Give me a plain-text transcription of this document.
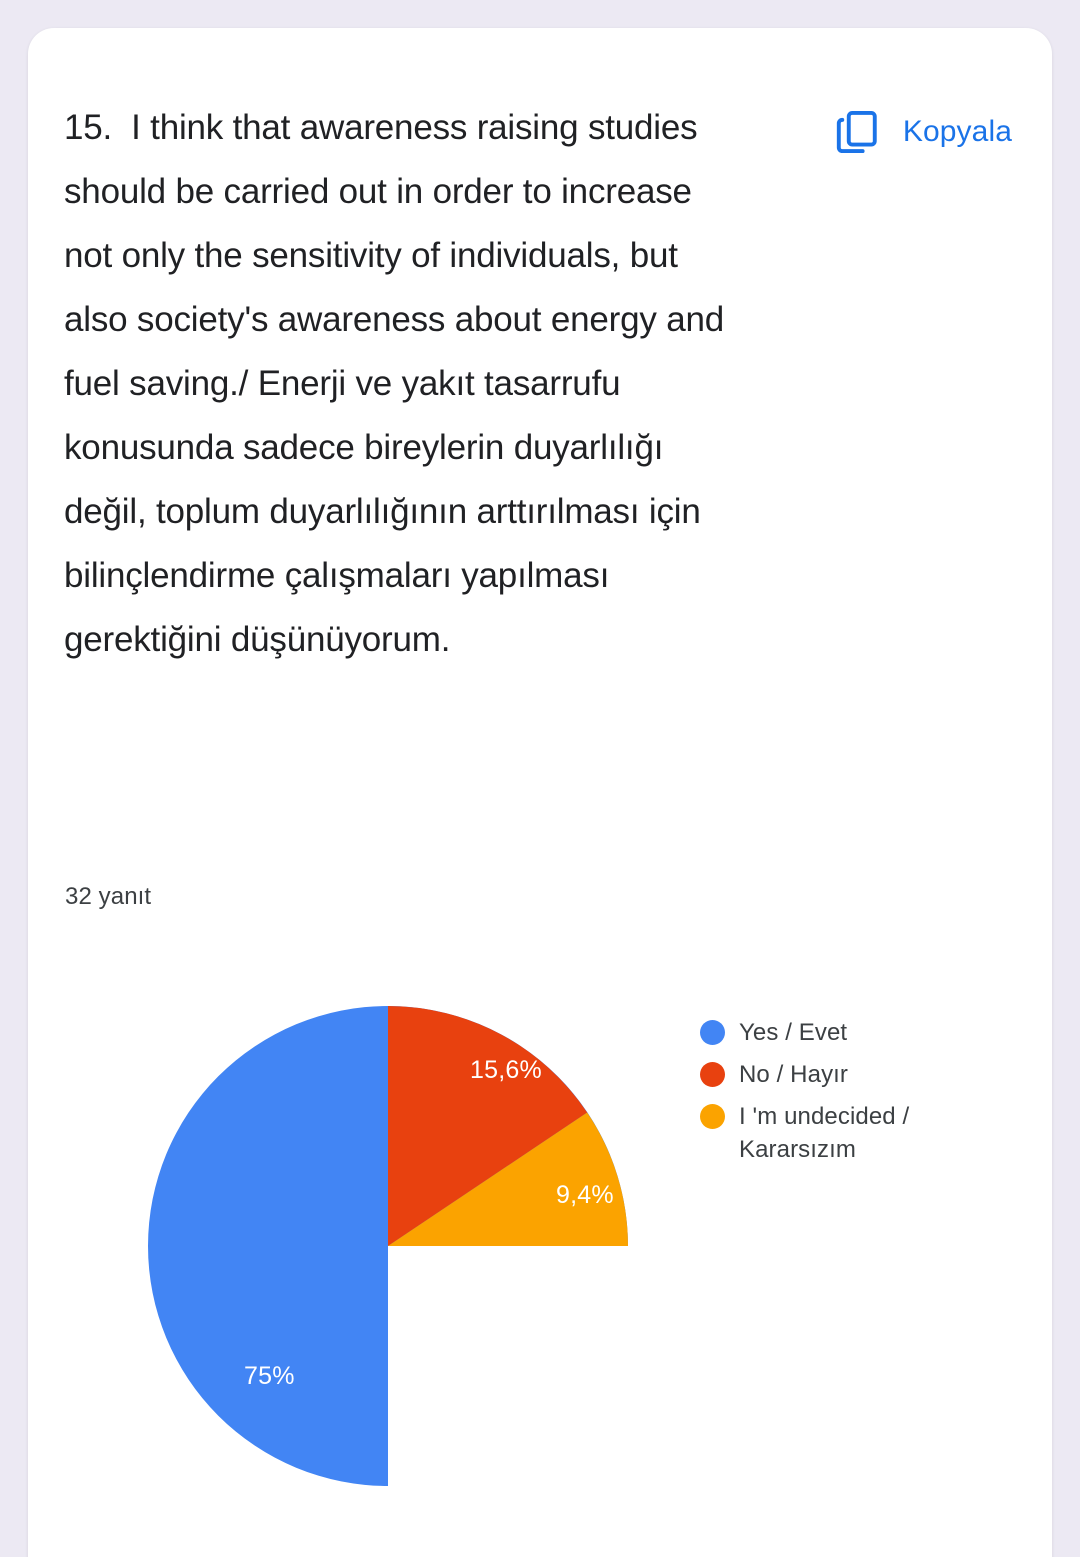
15. I think that awareness raising studies should be carried out in order to increase not only the sensitivity of individuals, but also society's awareness about energy and fuel saving./ Enerji ve yakıt tasarrufu konusunda sadece bireylerin duyarlılığı değil, toplum duyarlılığının arttırılması için bilinçlendirme çalışmaları yapılması gerektiğini düşünüyorum.
32 yanıt
Kopyala
75%
15,6%
9,4%
Yes / Evet
No / Hayır
I 'm undecided / Kararsızım
